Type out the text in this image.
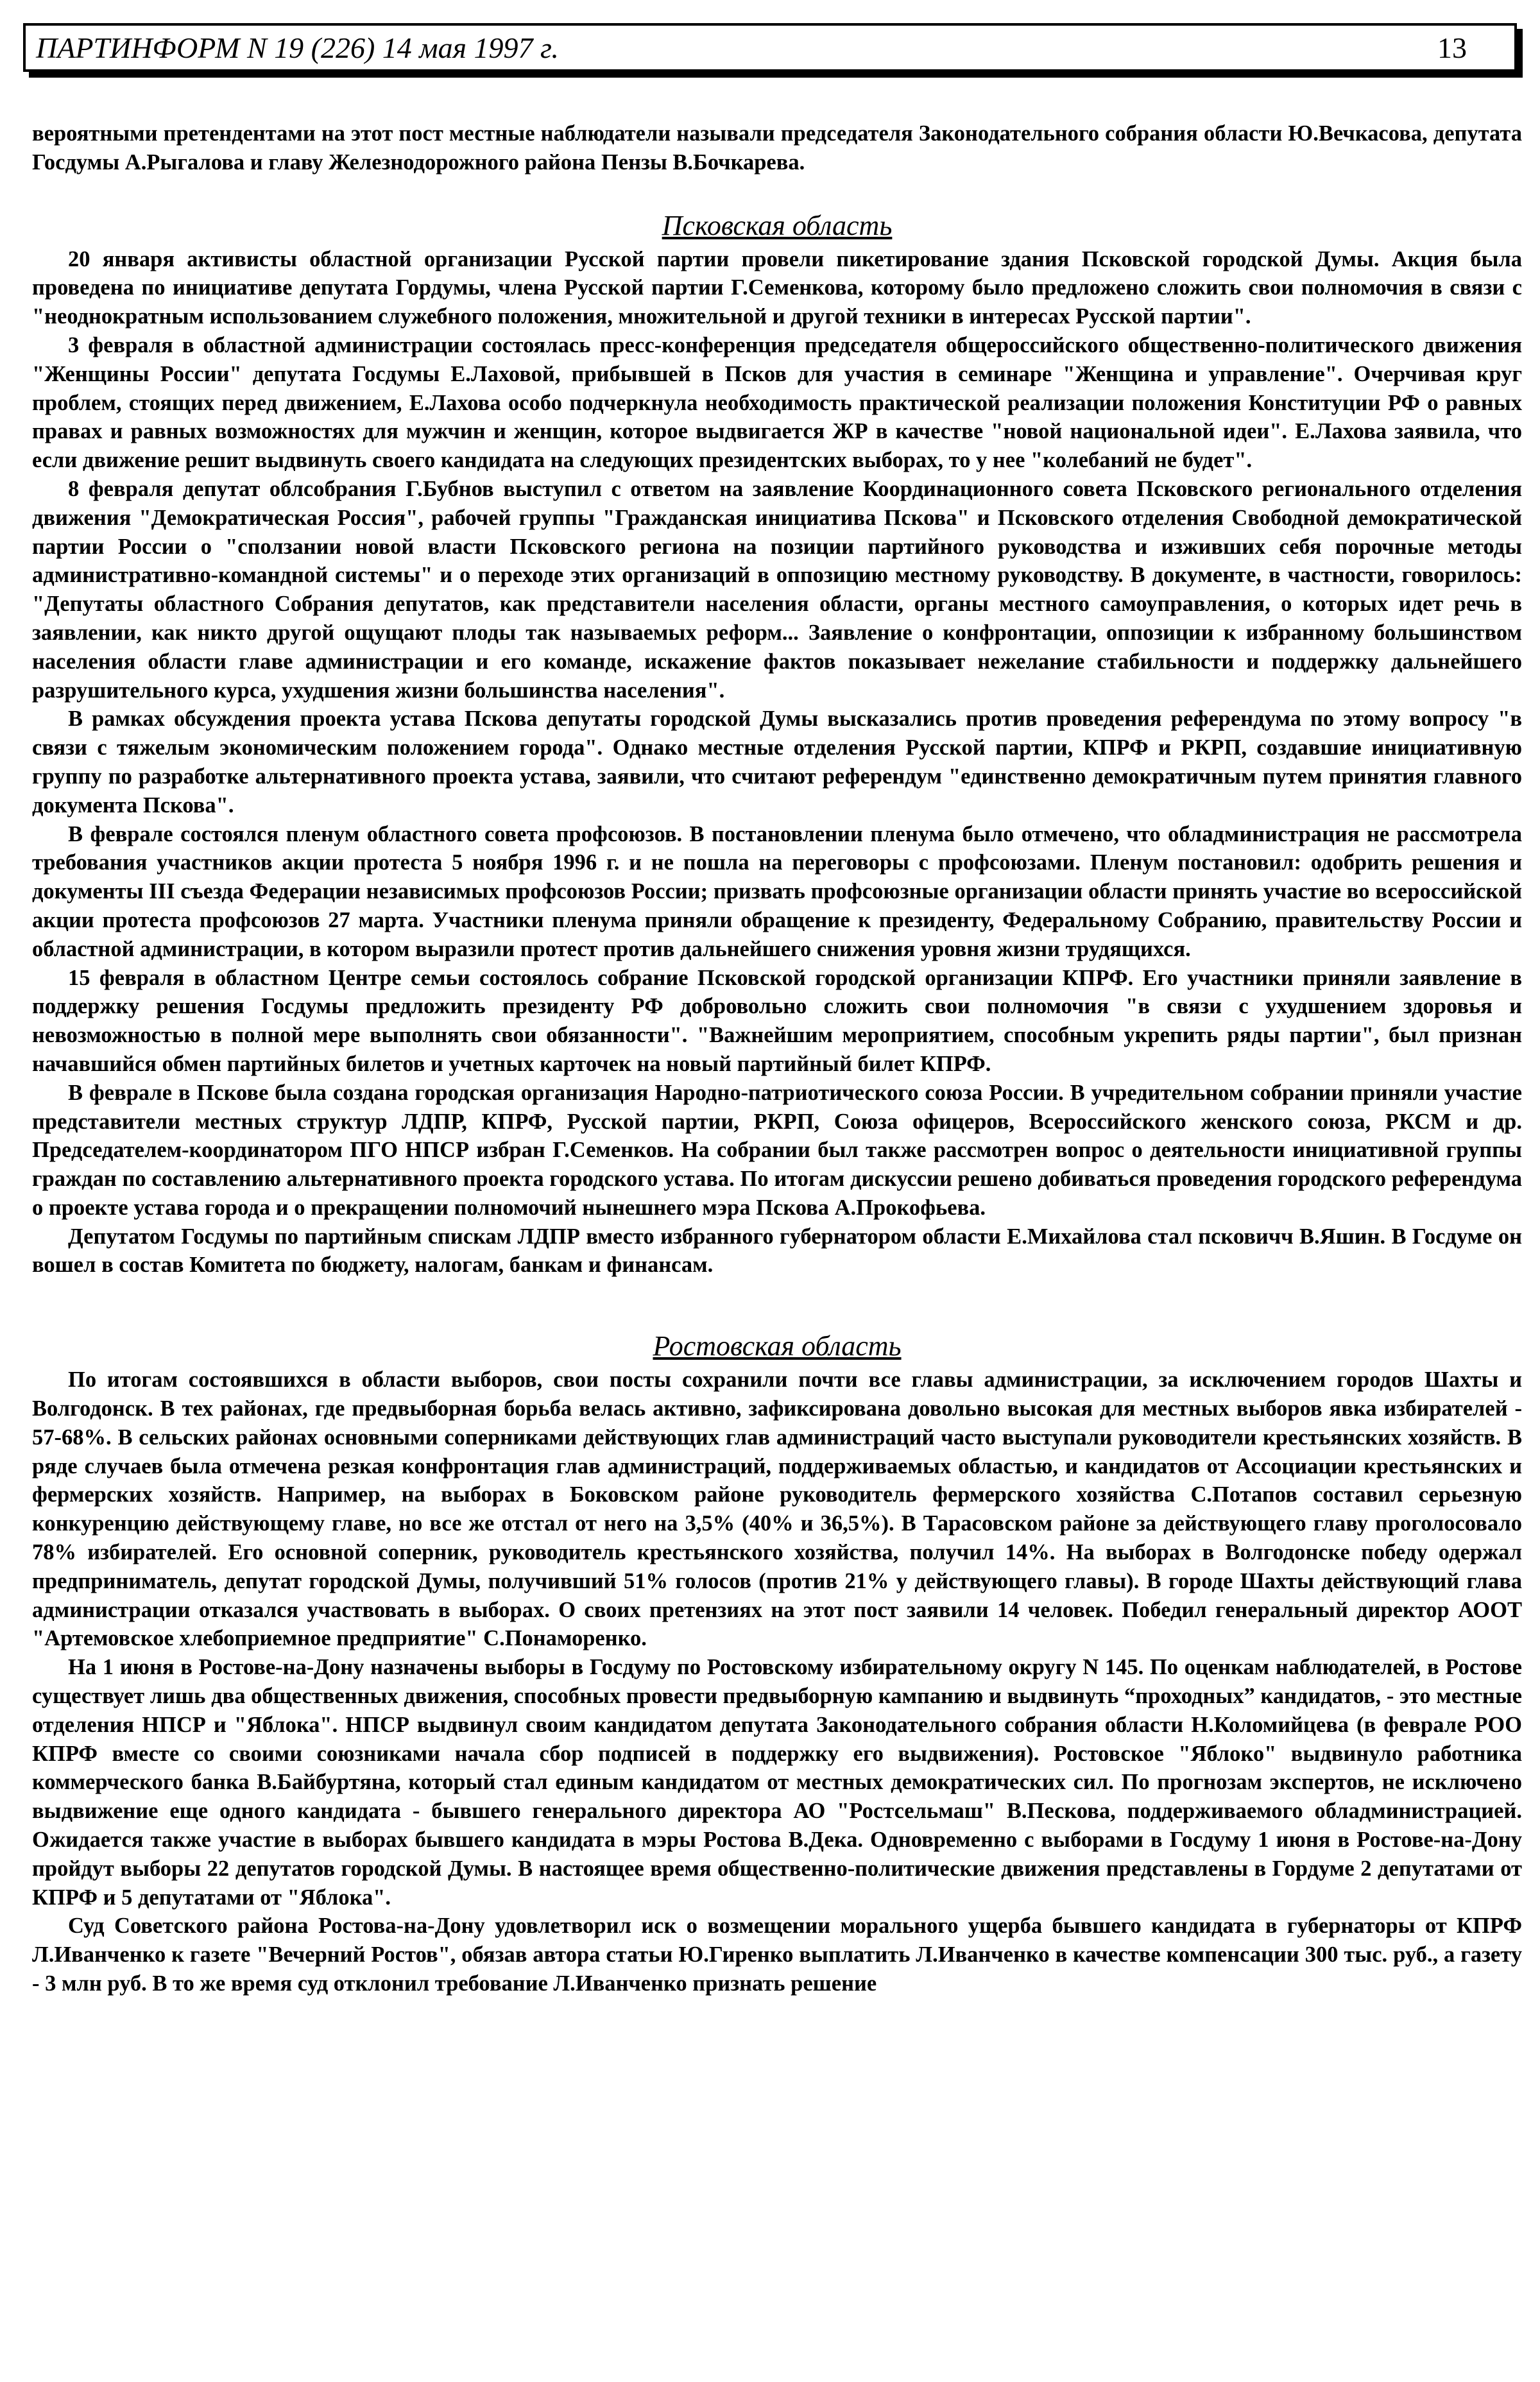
ПАРТИНФОРМ N 19 (226) 14 мая 1997 г.	13

вероятными претендентами на этот пост местные наблюдатели называли председателя Законодательного собрания области Ю.Вечкасова, депутата Госдумы А.Рыгалова и главу Железнодорожного района Пензы В.Бочкарева.

Псковская область

20 января активисты областной организации Русской партии провели пикетирование здания Псковской городской Думы. Акция была проведена по инициативе депутата Гордумы, члена Русской партии Г.Семенкова, которому было предложено сложить свои полномочия в связи с "неоднократным использованием служебного положения, множительной и другой техники в интересах Русской партии".

3 февраля в областной администрации состоялась пресс-конференция председателя общероссийского общественно-политического движения "Женщины России" депутата Госдумы Е.Лаховой, прибывшей в Псков для участия в семинаре "Женщина и управление". Очерчивая круг проблем, стоящих перед движением, Е.Лахова особо подчеркнула необходимость практической реализации положения Конституции РФ о равных правах и равных возможностях для мужчин и женщин, которое выдвигается ЖР в качестве "новой национальной идеи". Е.Лахова заявила, что если движение решит выдвинуть своего кандидата на следующих президентских выборах, то у нее "колебаний не будет".

8 февраля депутат облсобрания Г.Бубнов выступил с ответом на заявление Координационного совета Псковского регионального отделения движения "Демократическая Россия", рабочей группы "Гражданская инициатива Пскова" и Псковского отделения Свободной демократической партии России о "сползании новой власти Псковского региона на позиции партийного руководства и изживших себя порочные методы административно-командной системы" и о переходе этих организаций в оппозицию местному руководству. В документе, в частности, говорилось: "Депутаты областного Собрания депутатов, как представители населения области, органы местного самоуправления, о которых идет речь в заявлении, как никто другой ощущают плоды так называемых реформ... Заявление о конфронтации, оппозиции к избранному большинством населения области главе администрации и его команде, искажение фактов показывает нежелание стабильности и поддержку дальнейшего разрушительного курса, ухудшения жизни большинства населения".

В рамках обсуждения проекта устава Пскова депутаты городской Думы высказались против проведения референдума по этому вопросу "в связи с тяжелым экономическим положением города". Однако местные отделения Русской партии, КПРФ и РКРП, создавшие инициативную группу по разработке альтернативного проекта устава, заявили, что считают референдум "единственно демократичным путем принятия главного документа Пскова".

В феврале состоялся пленум областного совета профсоюзов. В постановлении пленума было отмечено, что обладминистрация не рассмотрела требования участников акции протеста 5 ноября 1996 г. и не пошла на переговоры с профсоюзами. Пленум постановил: одобрить решения и документы III съезда Федерации независимых профсоюзов России; призвать профсоюзные организации области принять участие во всероссийской акции протеста профсоюзов 27 марта. Участники пленума приняли обращение к президенту, Федеральному Собранию, правительству России и областной администрации, в котором выразили протест против дальнейшего снижения уровня жизни трудящихся.

15 февраля в областном Центре семьи состоялось собрание Псковской городской организации КПРФ. Его участники приняли заявление в поддержку решения Госдумы предложить президенту РФ добровольно сложить свои полномочия "в связи с ухудшением здоровья и невозможностью в полной мере выполнять свои обязанности". "Важнейшим мероприятием, способным укрепить ряды партии", был признан начавшийся обмен партийных билетов и учетных карточек на новый партийный билет КПРФ.

В феврале в Пскове была создана городская организация Народно-патриотического союза России. В учредительном собрании приняли участие представители местных структур ЛДПР, КПРФ, Русской партии, РКРП, Союза офицеров, Всероссийского женского союза, РКСМ и др. Председателем-координатором ПГО НПСР избран Г.Семенков. На собрании был также рассмотрен вопрос о деятельности инициативной группы граждан по составлению альтернативного проекта городского устава. По итогам дискуссии решено добиваться проведения городского референдума о проекте устава города и о прекращении полномочий нынешнего мэра Пскова А.Прокофьева.

Депутатом Госдумы по партийным спискам ЛДПР вместо избранного губернатором области Е.Михайлова стал псковичч В.Яшин. В Госдуме он вошел в состав Комитета по бюджету, налогам, банкам и финансам.

Ростовская область

По итогам состоявшихся в области выборов, свои посты сохранили почти все главы администрации, за исключением городов Шахты и Волгодонск. В тех районах, где предвыборная борьба велась активно, зафиксирована довольно высокая для местных выборов явка избирателей - 57-68%. В сельских районах основными соперниками действующих глав администраций часто выступали руководители крестьянских хозяйств. В ряде случаев была отмечена резкая конфронтация глав администраций, поддерживаемых областью, и кандидатов от Ассоциации крестьянских и фермерских хозяйств. Например, на выборах в Боковском районе руководитель фермерского хозяйства С.Потапов составил серьезную конкуренцию действующему главе, но все же отстал от него на 3,5% (40% и 36,5%). В Тарасовском районе за действующего главу проголосовало 78% избирателей. Его основной соперник, руководитель крестьянского хозяйства, получил 14%. На выборах в Волгодонске победу одержал предприниматель, депутат городской Думы, получивший 51% голосов (против 21% у действующего главы). В городе Шахты действующий глава администрации отказался участвовать в выборах. О своих претензиях на этот пост заявили 14 человек. Победил генеральный директор АООТ "Артемовское хлебоприемное предприятие" С.Понаморенко.

На 1 июня в Ростове-на-Дону назначены выборы в Госдуму по Ростовскому избирательному округу N 145. По оценкам наблюдателей, в Ростове существует лишь два общественных движения, способных провести предвыборную кампанию и выдвинуть “проходных” кандидатов, - это местные отделения НПСР и "Яблока". НПСР выдвинул своим кандидатом депутата Законодательного собрания области Н.Коломийцева (в феврале РОО КПРФ вместе со своими союзниками начала сбор подписей в поддержку его выдвижения). Ростовское "Яблоко" выдвинуло работника коммерческого банка В.Байбуртяна, который стал единым кандидатом от местных демократических сил. По прогнозам экспертов, не исключено выдвижение еще одного кандидата - бывшего генерального директора АО "Ростсельмаш" В.Пескова, поддерживаемого обладминистрацией. Ожидается также участие в выборах бывшего кандидата в мэры Ростова В.Дека. Одновременно с выборами в Госдуму 1 июня в Ростове-на-Дону пройдут выборы 22 депутатов городской Думы. В настоящее время общественно-политические движения представлены в Гордуме 2 депутатами от КПРФ и 5 депутатами от "Яблока".

Суд Советского района Ростова-на-Дону удовлетворил иск о возмещении морального ущерба бывшего кандидата в губернаторы от КПРФ Л.Иванченко к газете "Вечерний Ростов", обязав автора статьи Ю.Гиренко выплатить Л.Иванченко в качестве компенсации 300 тыс. руб., а газету - 3 млн руб. В то же время суд отклонил требование Л.Иванченко признать решение
